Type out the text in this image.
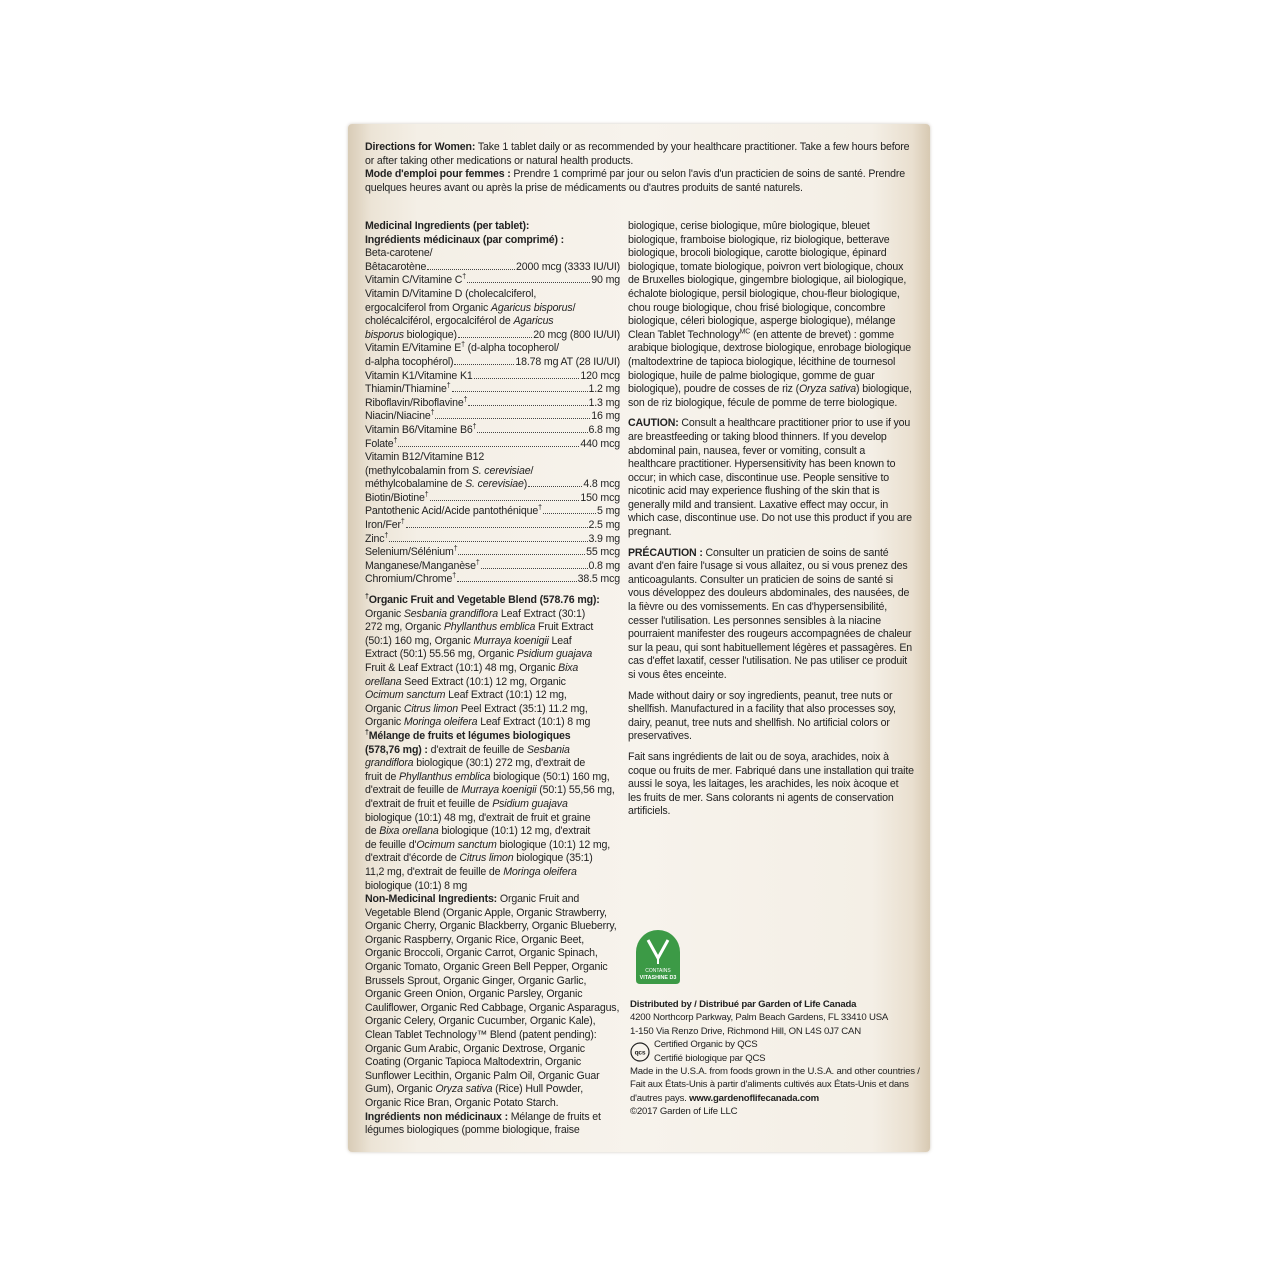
Directions for Women: Take 1 tablet daily or as recommended by your healthcare practitioner. Take a few hours before or after taking other medications or natural health products.
Mode d'emploi pour femmes : Prendre 1 comprimé par jour ou selon l'avis d'un practicien de soins de santé. Prendre quelques heures avant ou après la prise de médicaments ou d'autres produits de santé naturels.
Medicinal Ingredients (per tablet):
Ingrédients médicinaux (par comprimé) :
Beta-carotene/
Bêtacarotène	2000 mcg (3333 IU/UI)
Vitamin C/Vitamine C†	90 mg
Vitamin D/Vitamine D (cholecalciferol,
ergocalciferol from Organic Agaricus bisporus/
cholécalciférol, ergocalciférol de Agaricus
bisporus biologique)	20 mcg (800 IU/UI)
Vitamin E/Vitamine E† (d-alpha tocopherol/
d-alpha tocophérol)	18.78 mg AT (28 IU/UI)
Vitamin K1/Vitamine K1	120 mcg
Thiamin/Thiamine†	1.2 mg
Riboflavin/Riboflavine†	1.3 mg
Niacin/Niacine†	16 mg
Vitamin B6/Vitamine B6†	6.8 mg
Folate†	440 mcg
Vitamin B12/Vitamine B12
(methylcobalamin from S. cerevisiae/
méthylcobalamine de S. cerevisiae)	4.8 mcg
Biotin/Biotine†	150 mcg
Pantothenic Acid/Acide pantothénique†	5 mg
Iron/Fer†	2.5 mg
Zinc†	3.9 mg
Selenium/Sélénium†	55 mcg
Manganese/Manganèse†	0.8 mg
Chromium/Chrome†	38.5 mcg
†Organic Fruit and Vegetable Blend (578.76 mg):
Organic Sesbania grandiflora Leaf Extract (30:1)
272 mg, Organic Phyllanthus emblica Fruit Extract
(50:1) 160 mg, Organic Murraya koenigii Leaf
Extract (50:1) 55.56 mg, Organic Psidium guajava
Fruit & Leaf Extract (10:1) 48 mg, Organic Bixa
orellana Seed Extract (10:1) 12 mg, Organic
Ocimum sanctum Leaf Extract (10:1) 12 mg,
Organic Citrus limon Peel Extract (35:1) 11.2 mg,
Organic Moringa oleifera Leaf Extract (10:1) 8 mg
†Mélange de fruits et légumes biologiques
(578,76 mg) : d'extrait de feuille de Sesbania
grandiflora biologique (30:1) 272 mg, d'extrait de
fruit de Phyllanthus emblica biologique (50:1) 160 mg,
d'extrait de feuille de Murraya koenigii (50:1) 55,56 mg,
d'extrait de fruit et feuille de Psidium guajava
biologique (10:1) 48 mg, d'extrait de fruit et graine
de Bixa orellana biologique (10:1) 12 mg, d'extrait
de feuille d'Ocimum sanctum biologique (10:1) 12 mg,
d'extrait d'écorde de Citrus limon biologique (35:1)
11,2 mg, d'extrait de feuille de Moringa oleifera
biologique (10:1) 8 mg
Non-Medicinal Ingredients: Organic Fruit and Vegetable Blend (Organic Apple, Organic Strawberry, Organic Cherry, Organic Blackberry, Organic Blueberry, Organic Raspberry, Organic Rice, Organic Beet, Organic Broccoli, Organic Carrot, Organic Spinach, Organic Tomato, Organic Green Bell Pepper, Organic Brussels Sprout, Organic Ginger, Organic Garlic, Organic Green Onion, Organic Parsley, Organic Cauliflower, Organic Red Cabbage, Organic Asparagus, Organic Celery, Organic Cucumber, Organic Kale), Clean Tablet Technology™ Blend (patent pending): Organic Gum Arabic, Organic Dextrose, Organic Coating (Organic Tapioca Maltodextrin, Organic Sunflower Lecithin, Organic Palm Oil, Organic Guar Gum), Organic Oryza sativa (Rice) Hull Powder, Organic Rice Bran, Organic Potato Starch.
Ingrédients non médicinaux : Mélange de fruits et légumes biologiques (pomme biologique, fraise
biologique, cerise biologique, mûre biologique, bleuet biologique, framboise biologique, riz biologique, betterave biologique, brocoli biologique, carotte biologique, épinard biologique, tomate biologique, poivron vert biologique, choux de Bruxelles biologique, gingembre biologique, ail biologique, échalote biologique, persil biologique, chou-fleur biologique, chou rouge biologique, chou frisé biologique, concombre biologique, céleri biologique, asperge biologique), mélange Clean Tablet Technology$^{MC}$ (en attente de brevet) : gomme arabique biologique, dextrose biologique, enrobage biologique (maltodextrine de tapioca biologique, lécithine de tournesol biologique, huile de palme biologique, gomme de guar biologique), poudre de cosses de riz (Oryza sativa) biologique, son de riz biologique, fécule de pomme de terre biologique.
CAUTION: Consult a healthcare practitioner prior to use if you are breastfeeding or taking blood thinners. If you develop abdominal pain, nausea, fever or vomiting, consult a healthcare practitioner. Hypersensitivity has been known to occur; in which case, discontinue use. People sensitive to nicotinic acid may experience flushing of the skin that is generally mild and transient. Laxative effect may occur, in which case, discontinue use. Do not use this product if you are pregnant.
PRÉCAUTION : Consulter un praticien de soins de santé avant d'en faire l'usage si vous allaitez, ou si vous prenez des anticoagulants. Consulter un praticien de soins de santé si vous développez des douleurs abdominales, des nausées, de la fièvre ou des vomissements. En cas d'hypersensibilité, cesser l'utilisation. Les personnes sensibles à la niacine pourraient manifester des rougeurs accompagnées de chaleur sur la peau, qui sont habituellement légères et passagères. En cas d'effet laxatif, cesser l'utilisation. Ne pas utiliser ce produit si vous êtes enceinte.
Made without dairy or soy ingredients, peanut, tree nuts or shellfish. Manufactured in a facility that also processes soy, dairy, peanut, tree nuts and shellfish. No artificial colors or preservatives.
Fait sans ingrédients de lait ou de soya, arachides, noix à coque ou fruits de mer. Fabriqué dans une installation qui traite aussi le soya, les laitages, les arachides, les noix àcoque et les fruits de mer. Sans colorants ni agents de conservation artificiels.
CONTAINS
VITASHINE D3
Distributed by / Distribué par Garden of Life Canada
4200 Northcorp Parkway, Palm Beach Gardens, FL 33410 USA
1-150 Via Renzo Drive, Richmond Hill, ON L4S 0J7 CAN
qcs
Certified Organic by QCS
Certifié biologique par QCS
Made in the U.S.A. from foods grown in the U.S.A. and other countries / Fait aux États-Unis à partir d'aliments cultivés aux États-Unis et dans d'autres pays. www.gardenoflifecanada.com
©2017 Garden of Life LLC
